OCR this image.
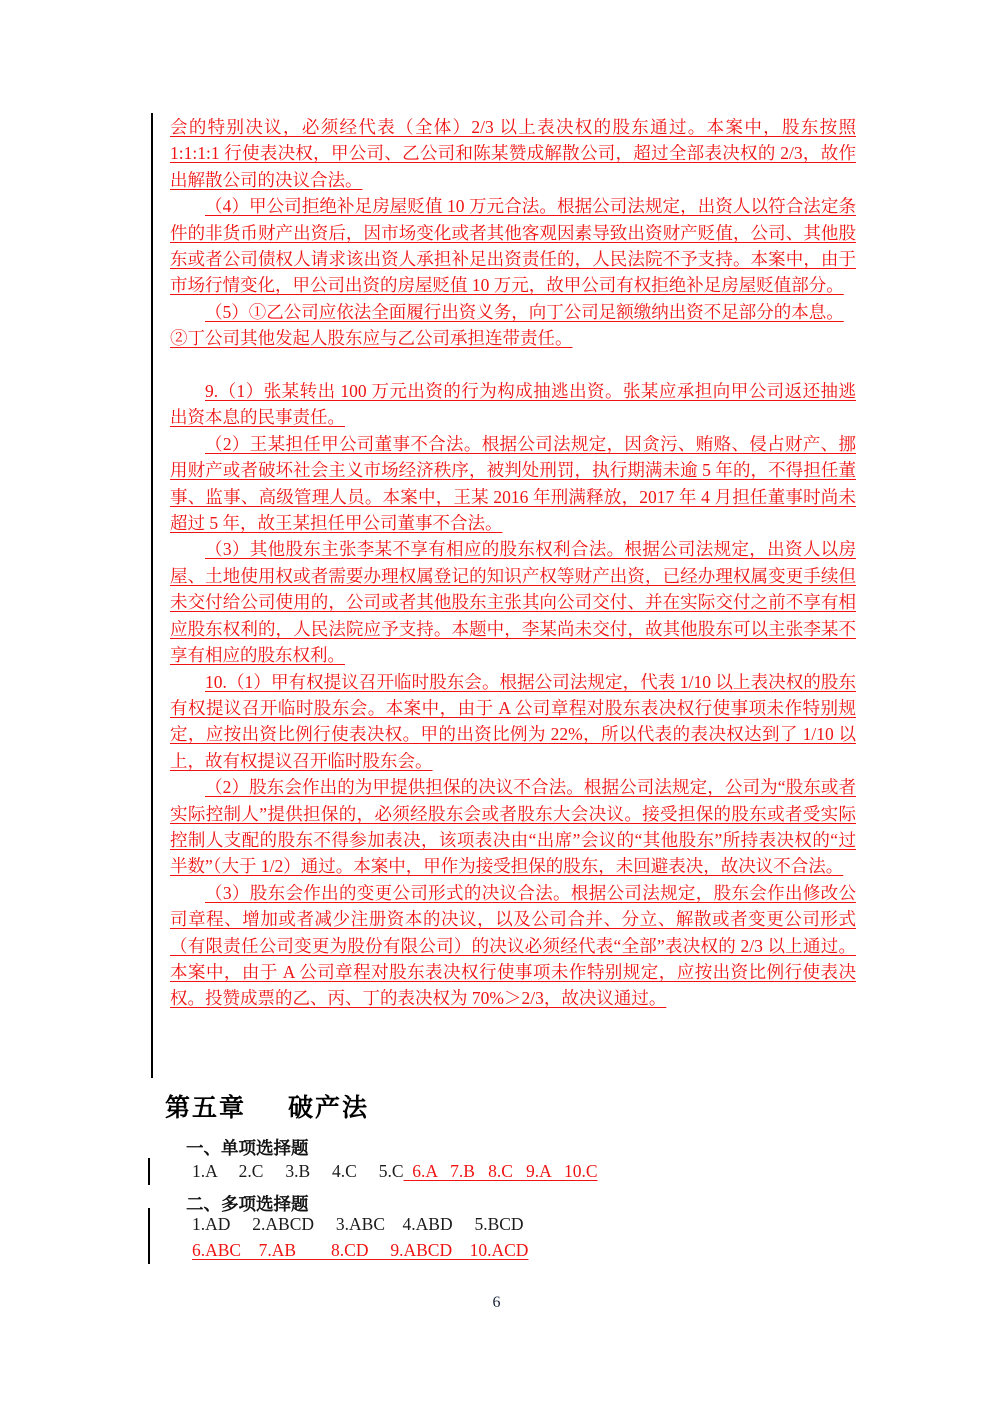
会的特别决议，必须经代表（全体）2/3 以上表决权的股东通过。本案中，股东按照 1:1:1:1 行使表决权，甲公司、乙公司和陈某赞成解散公司，超过全部表决权的 2/3，故作出解散公司的决议合法。

（4）甲公司拒绝补足房屋贬值 10 万元合法。根据公司法规定，出资人以符合法定条件的非货币财产出资后，因市场变化或者其他客观因素导致出资财产贬值，公司、其他股东或者公司债权人请求该出资人承担补足出资责任的，人民法院不予支持。本案中，由于市场行情变化，甲公司出资的房屋贬值 10 万元，故甲公司有权拒绝补足房屋贬值部分。

（5）①乙公司应依法全面履行出资义务，向丁公司足额缴纳出资不足部分的本息。

②丁公司其他发起人股东应与乙公司承担连带责任。

9.（1）张某转出 100 万元出资的行为构成抽逃出资。张某应承担向甲公司返还抽逃出资本息的民事责任。

（2）王某担任甲公司董事不合法。根据公司法规定，因贪污、贿赂、侵占财产、挪用财产或者破坏社会主义市场经济秩序，被判处刑罚，执行期满未逾 5 年的，不得担任董事、监事、高级管理人员。本案中，王某 2016 年刑满释放，2017 年 4 月担任董事时尚未超过 5 年，故王某担任甲公司董事不合法。

（3）其他股东主张李某不享有相应的股东权利合法。根据公司法规定，出资人以房屋、土地使用权或者需要办理权属登记的知识产权等财产出资，已经办理权属变更手续但未交付给公司使用的，公司或者其他股东主张其向公司交付、并在实际交付之前不享有相应股东权利的，人民法院应予支持。本题中，李某尚未交付，故其他股东可以主张李某不享有相应的股东权利。

10.（1）甲有权提议召开临时股东会。根据公司法规定，代表 1/10 以上表决权的股东有权提议召开临时股东会。本案中，由于 A 公司章程对股东表决权行使事项未作特别规定，应按出资比例行使表决权。甲的出资比例为 22%，所以代表的表决权达到了 1/10 以上，故有权提议召开临时股东会。

（2）股东会作出的为甲提供担保的决议不合法。根据公司法规定，公司为“股东或者实际控制人”提供担保的，必须经股东会或者股东大会决议。接受担保的股东或者受实际控制人支配的股东不得参加表决，该项表决由“出席”会议的“其他股东”所持表决权的“过半数”（大于 1/2）通过。本案中，甲作为接受担保的股东，未回避表决，故决议不合法。

（3）股东会作出的变更公司形式的决议合法。根据公司法规定，股东会作出修改公司章程、增加或者减少注册资本的决议，以及公司合并、分立、解散或者变更公司形式（有限责任公司变更为股份有限公司）的决议必须经代表“全部”表决权的 2/3 以上通过。本案中，由于 A 公司章程对股东表决权行使事项未作特别规定，应按出资比例行使表决权。投赞成票的乙、丙、丁的表决权为 70%＞2/3，故决议通过。

第五章 破产法

一、单项选择题

1.A     2.C     3.B     4.C     5.C  6.A   7.B   8.C   9.A   10.C

二、多项选择题

1.AD     2.ABCD     3.ABC    4.ABD     5.BCD

6.ABC    7.AB        8.CD     9.ABCD    10.ACD

6
